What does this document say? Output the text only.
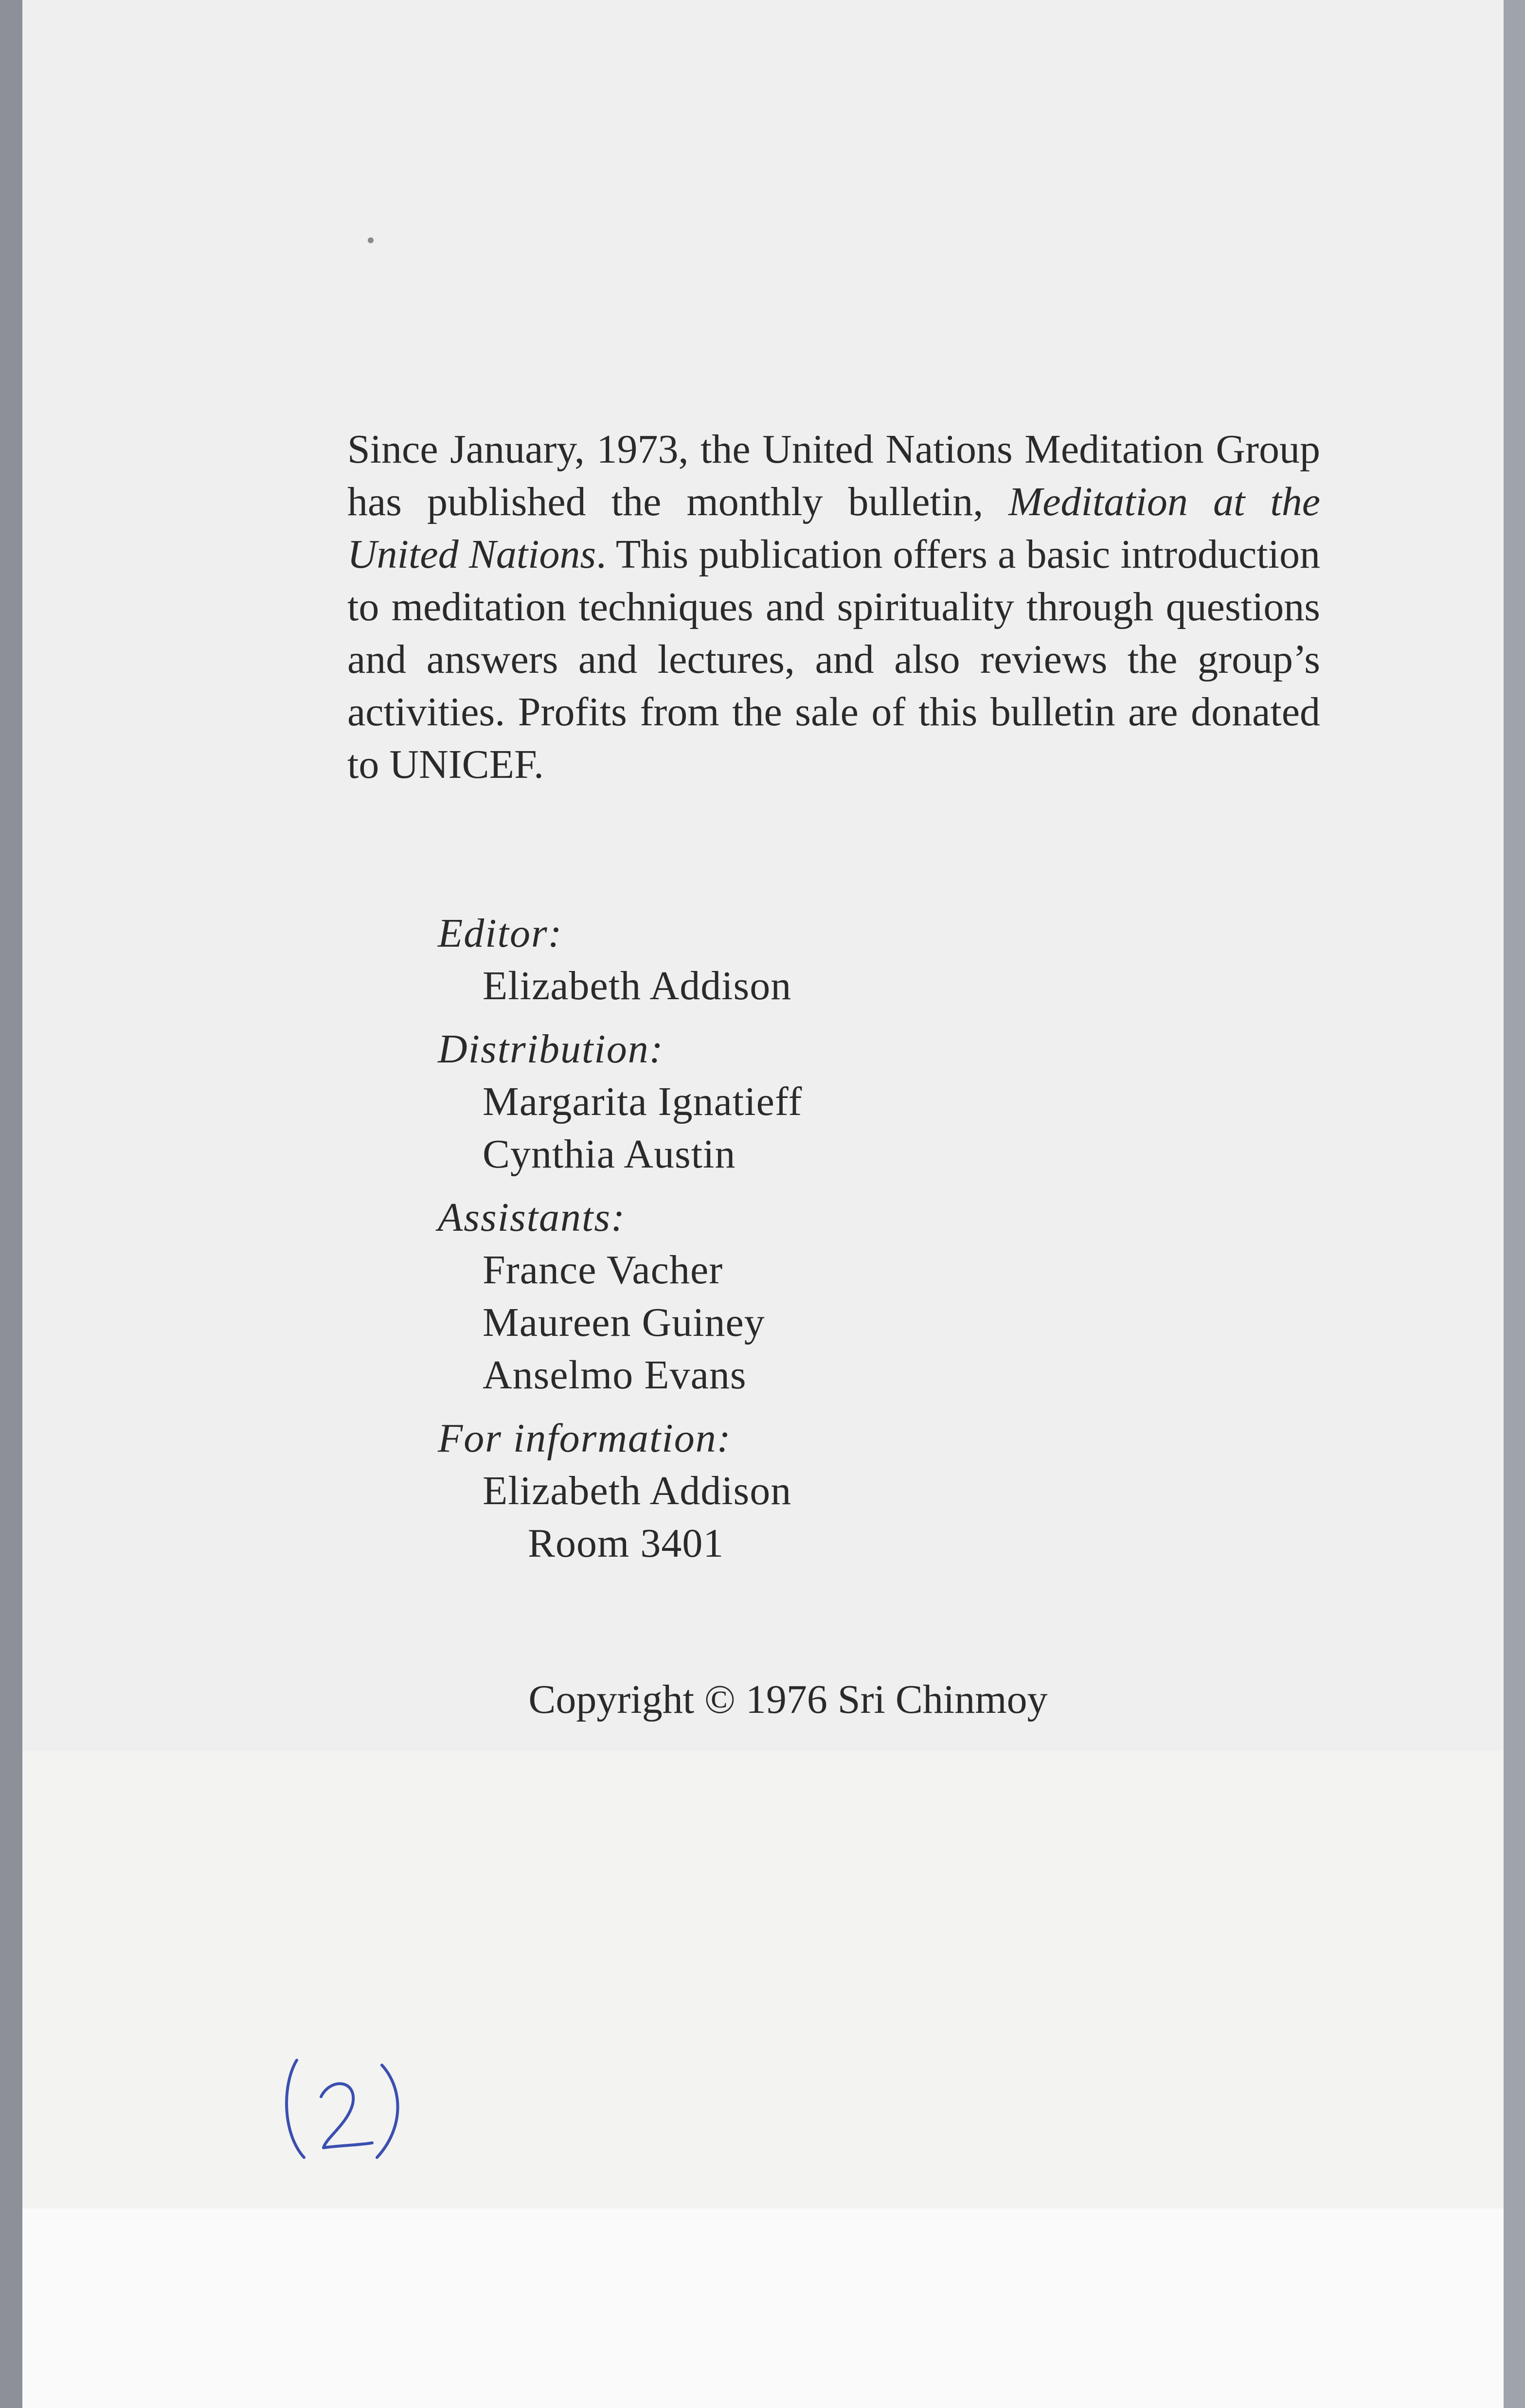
Since January, 1973, the United Nations Meditation Group has published the monthly bulletin, Meditation at the United Nations. This publication offers a basic introduction to meditation techniques and spirituality through questions and answers and lectures, and also reviews the group’s activities. Profits from the sale of this bulletin are donated to UNICEF.

Editor:
Elizabeth Addison
Distribution:
Margarita Ignatieff
Cynthia Austin
Assistants:
France Vacher
Maureen Guiney
Anselmo Evans
For information:
Elizabeth Addison
Room 3401
Copyright © 1976 Sri Chinmoy
